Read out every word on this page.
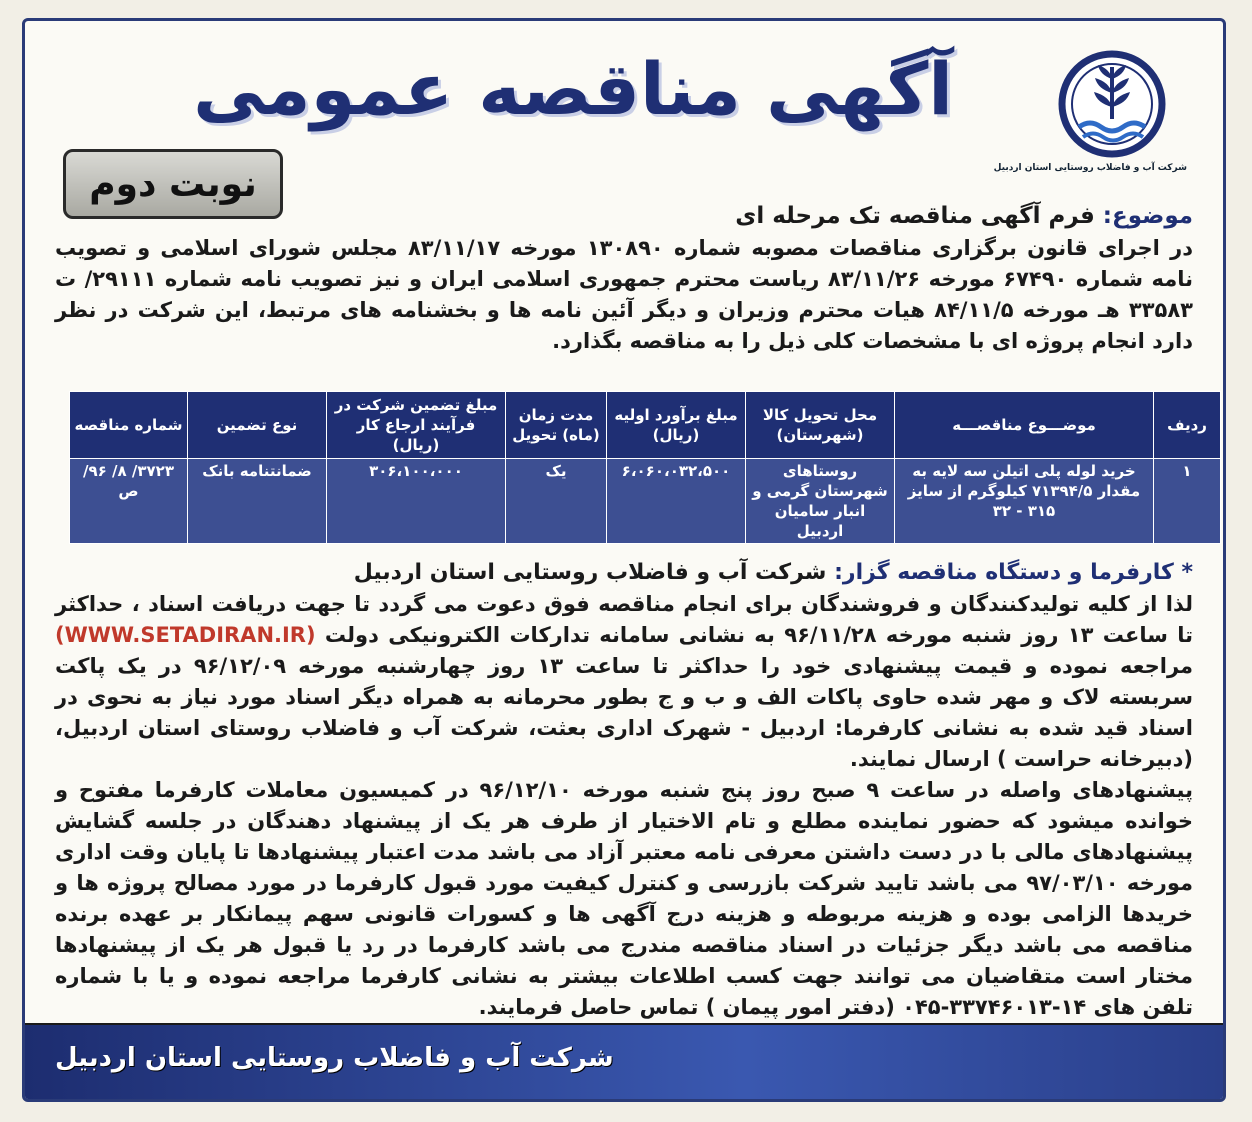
آگهی مناقصه عمومی
شرکت آب و فاضلاب روستایی استان اردبیل
نوبت دوم
موضوع: فرم آگهی مناقصه تک مرحله ای
در اجرای قانون برگزاری مناقصات مصوبه شماره ۱۳۰۸۹۰ مورخه ۸۳/۱۱/۱۷ مجلس شورای اسلامی و تصویب نامه شماره ۶۷۴۹۰ مورخه ۸۳/۱۱/۲۶ ریاست محترم جمهوری اسلامی ایران و نیز تصویب نامه شماره ۲۹۱۱۱/ ت ۳۳۵۸۳ هـ مورخه ۸۴/۱۱/۵ هیات محترم وزیران و دیگر آئین نامه ها و بخشنامه های مرتبط، این شرکت در نظر دارد انجام پروژه ای با مشخصات کلی ذیل را به مناقصه بگذارد.
ردیف	موضـــوع مناقصـــه	محل تحویل کالا (شهرستان)	مبلغ برآورد اولیه (ریال)	مدت زمان (ماه) تحویل	مبلغ تضمین شرکت در فرآیند ارجاع کار (ریال)	نوع تضمین	شماره مناقصه
۱	خرید لوله پلی اتیلن سه لایه به مقدار ۷۱۳۹۴/۵ کیلوگرم از سایز ۳۱۵ - ۳۲	روستاهای شهرستان گرمی و انبار سامیان اردبیل	۶،۰۶۰،۰۳۲،۵۰۰	یک	۳۰۶،۱۰۰،۰۰۰	ضمانتنامه بانک	۳۷۲۳/ ۸/ ۹۶/ص
* کارفرما و دستگاه مناقصه گزار: شرکت آب و فاضلاب روستایی استان اردبیل
لذا از کلیه تولیدکنندگان و فروشندگان برای انجام مناقصه فوق دعوت می گردد تا جهت دریافت اسناد ، حداکثر تا ساعت ۱۳ روز شنبه مورخه ۹۶/۱۱/۲۸ به نشانی سامانه تدارکات الکترونیکی دولت (WWW.SETADIRAN.IR) مراجعه نموده و قیمت پیشنهادی خود را حداکثر تا ساعت ۱۳ روز چهارشنبه مورخه ۹۶/۱۲/۰۹ در یک پاکت سربسته لاک و مهر شده حاوی پاکات الف و ب و ج بطور محرمانه به همراه دیگر اسناد مورد نیاز به نحوی در اسناد قید شده به نشانی کارفرما: اردبیل - شهرک اداری بعثت، شرکت آب و فاضلاب روستای استان اردبیل، (دبیرخانه حراست ) ارسال نمایند.
پیشنهادهای واصله در ساعت ۹ صبح روز پنج شنبه مورخه ۹۶/۱۲/۱۰ در کمیسیون معاملات کارفرما مفتوح و خوانده میشود که حضور نماینده مطلع و تام الاختیار از طرف هر یک از پیشنهاد دهندگان در جلسه گشایش پیشنهادهای مالی با در دست داشتن معرفی نامه معتبر آزاد می باشد مدت اعتبار پیشنهادها تا پایان وقت اداری مورخه ۹۷/۰۳/۱۰ می باشد تایید شرکت بازرسی و کنترل کیفیت مورد قبول کارفرما در مورد مصالح پروژه ها و خریدها الزامی بوده و هزینه مربوطه و هزینه درج آگهی ها و کسورات قانونی سهم پیمانکار بر عهده برنده مناقصه می باشد دیگر جزئیات در اسناد مناقصه مندرج می باشد کارفرما در رد یا قبول هر یک از پیشنهادها مختار است متقاضیان می توانند جهت کسب اطلاعات بیشتر به نشانی کارفرما مراجعه نموده و یا با شماره تلفن های ۱۴-۳۳۷۴۶۰۱۳-۰۴۵ (دفتر امور پیمان ) تماس حاصل فرمایند.
شرکت آب و فاضلاب روستایی استان اردبیل
